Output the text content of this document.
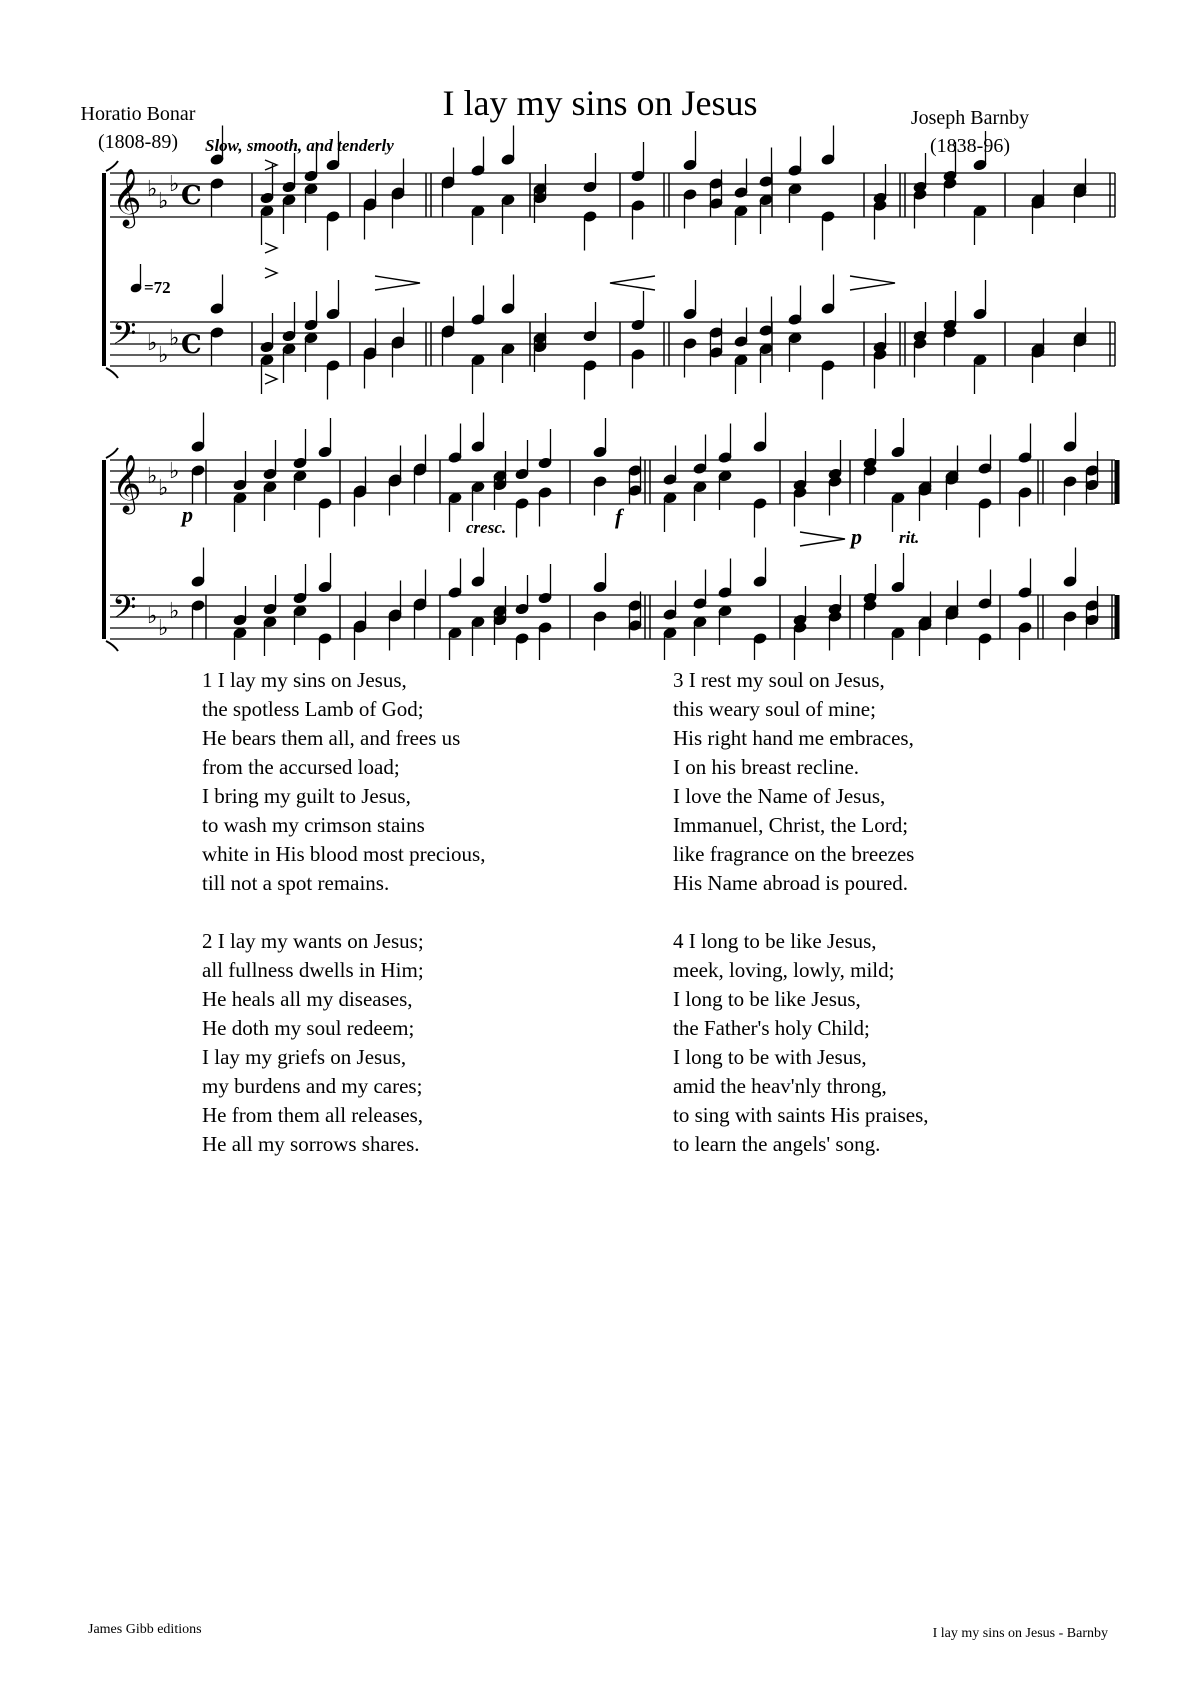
I lay my sins on Jesus
Horatio Bonar
(1808-89)
Joseph Barnby
(1838-96)
Slow, smooth, and tenderly
𝄞
𝄢
𝄞
𝄢
♭ ♭
♭
♭ ♭
♭
♭ ♭
♭
♭ ♭
♭
C
C
=72
p
cresc.	f
p rit.
1 I lay my sins on Jesus,
the spotless Lamb of God;
He bears them all, and frees us
from the accursed load;
I bring my guilt to Jesus,
to wash my crimson stains
white in His blood most precious,
till not a spot remains.
2 I lay my wants on Jesus;
all fullness dwells in Him;
He heals all my diseases,
He doth my soul redeem;
I lay my griefs on Jesus,
my burdens and my cares;
He from them all releases,
He all my sorrows shares.
3 I rest my soul on Jesus,
this weary soul of mine;
His right hand me embraces,
I on his breast recline.
I love the Name of Jesus,
Immanuel, Christ, the Lord;
like fragrance on the breezes
His Name abroad is poured.
4 I long to be like Jesus,
meek, loving, lowly, mild;
I long to be like Jesus,
the Father's holy Child;
I long to be with Jesus,
amid the heav'nly throng,
to sing with saints His praises,
to learn the angels' song.
James Gibb editions	I lay my sins on Jesus - Barnby
